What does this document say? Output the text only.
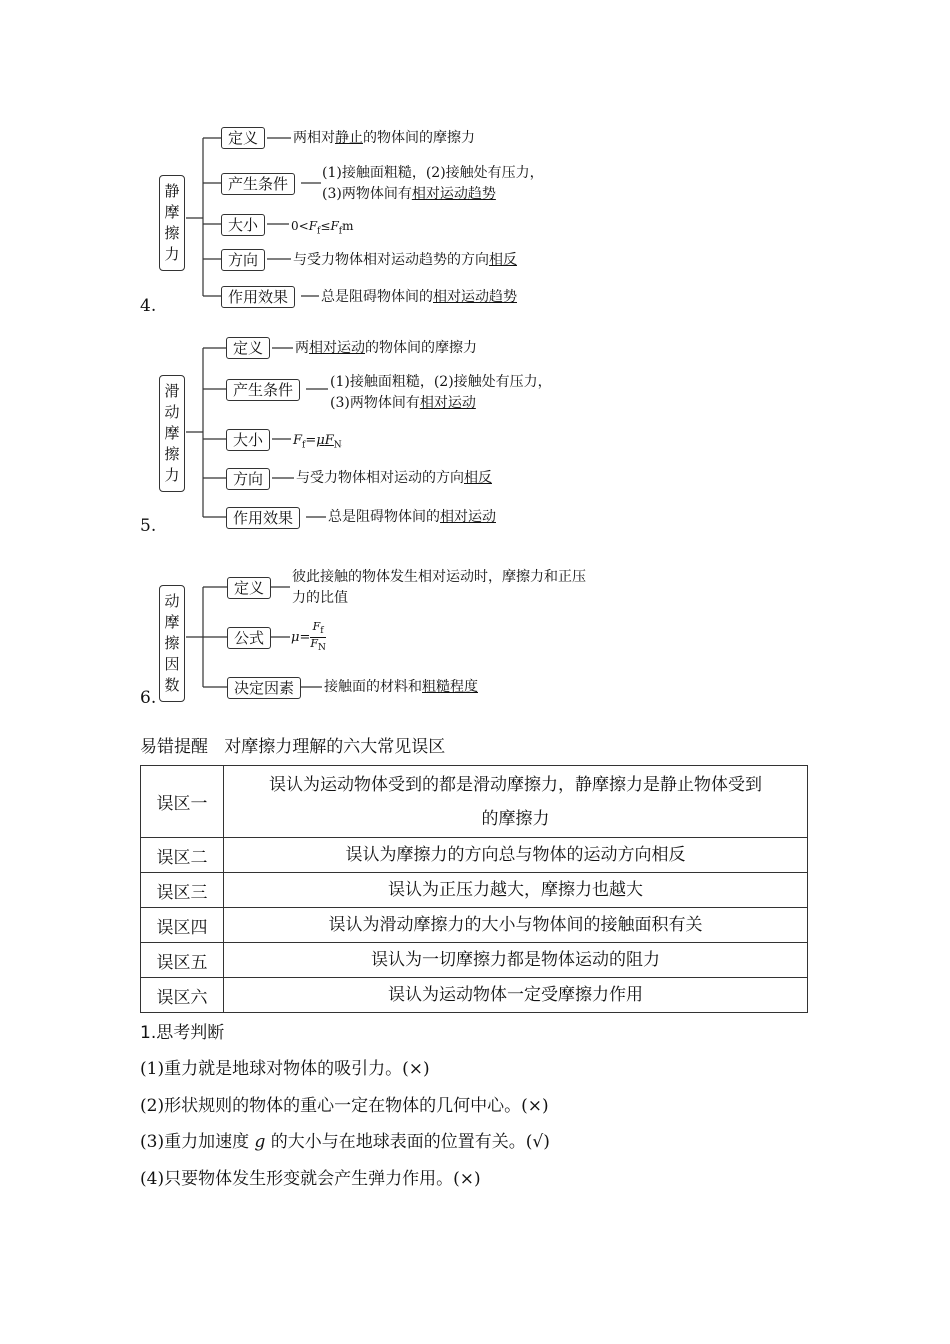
4.
静
摩
擦
力
定义	两相对静止的物体间的摩擦力
产生条件
(1)接触面粗糙，(2)接触处有压力，
(3)两物体间有相对运动趋势
大小	$0<F_f\le F_fm$
方向	与受力物体相对运动趋势的方向相反
作用效果	总是阻碍物体间的相对运动趋势
5.
滑
动
摩
擦
力
定义	两相对运动的物体间的摩擦力
产生条件	(1)接触面粗糙，(2)接触处有压力，
(3)两物体间有相对运动
大小	$F_f=\mu F_N$
方向	与受力物体相对运动的方向相反
作用效果	总是阻碍物体间的相对运动
6.
动
摩
擦
因
数
定义
彼此接触的物体发生相对运动时，摩擦力和正压
力的比值
公式	$\mu= \frac{F_f}{F_N}$
决定因素	接触面的材料和粗糙程度
易错提醒 对摩擦力理解的六大常见误区
误区一	误认为运动物体受到的都是滑动摩擦力，静摩擦力是静止物体受到
的摩擦力

误区二	误认为摩擦力的方向总与物体的运动方向相反
误区三	误认为正压力越大，摩擦力也越大
误区四	误认为滑动摩擦力的大小与物体间的接触面积有关
误区五	误认为一切摩擦力都是物体运动的阻力
误区六	误认为运动物体一定受摩擦力作用
1.思考判断
(1)重力就是地球对物体的吸引力。(×)
(2)形状规则的物体的重心一定在物体的几何中心。(×)
(3)重力加速度 g 的大小与在地球表面的位置有关。(√)
(4)只要物体发生形变就会产生弹力作用。(×)
